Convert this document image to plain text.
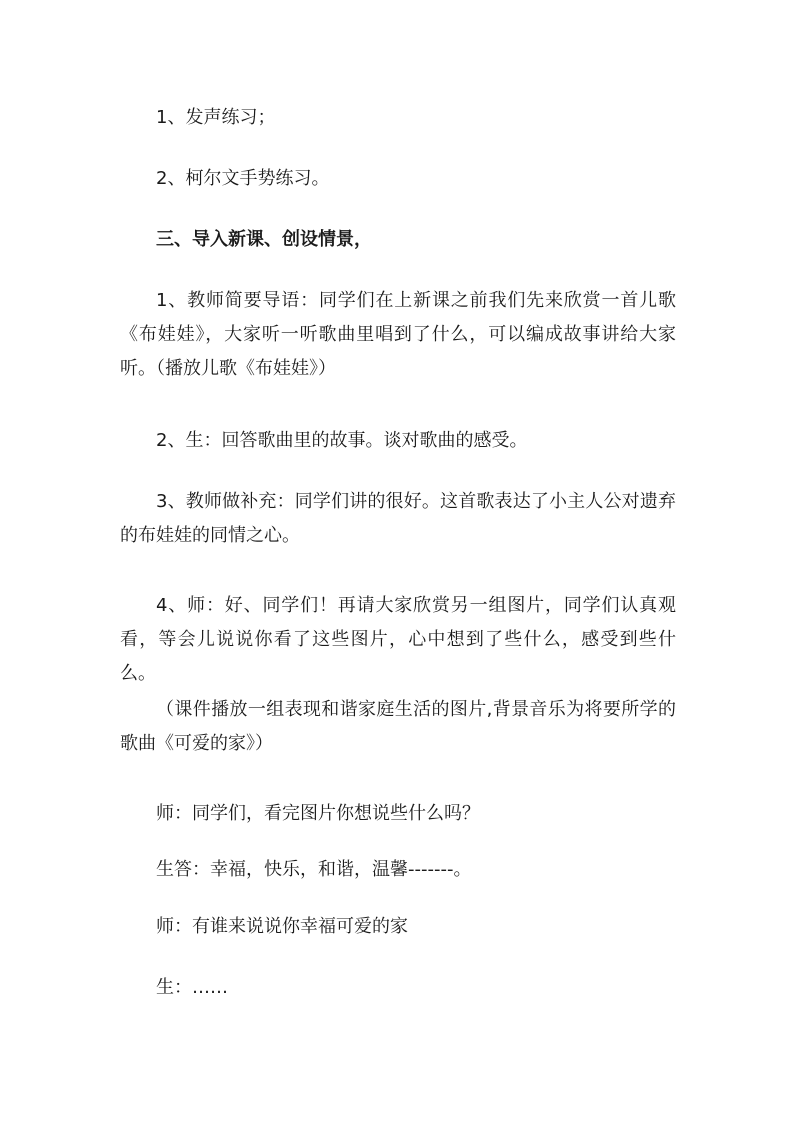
1、发声练习；

2、柯尔文手势练习。

三、导入新课、创设情景，

1、教师简要导语：同学们在上新课之前我们先来欣赏一首儿歌《布娃娃》，大家听一听歌曲里唱到了什么，可以编成故事讲给大家听。（播放儿歌《布娃娃》）

2、生：回答歌曲里的故事。谈对歌曲的感受。

3、教师做补充：同学们讲的很好。这首歌表达了小主人公对遗弃的布娃娃的同情之心。

4、师：好、同学们！再请大家欣赏另一组图片，同学们认真观看，等会儿说说你看了这些图片，心中想到了些什么，感受到些什么。

（课件播放一组表现和谐家庭生活的图片,背景音乐为将要所学的歌曲《可爱的家》）

师：同学们，看完图片你想说些什么吗？

生答：幸福，快乐，和谐，温馨-------。

师：有谁来说说你幸福可爱的家

生：……
